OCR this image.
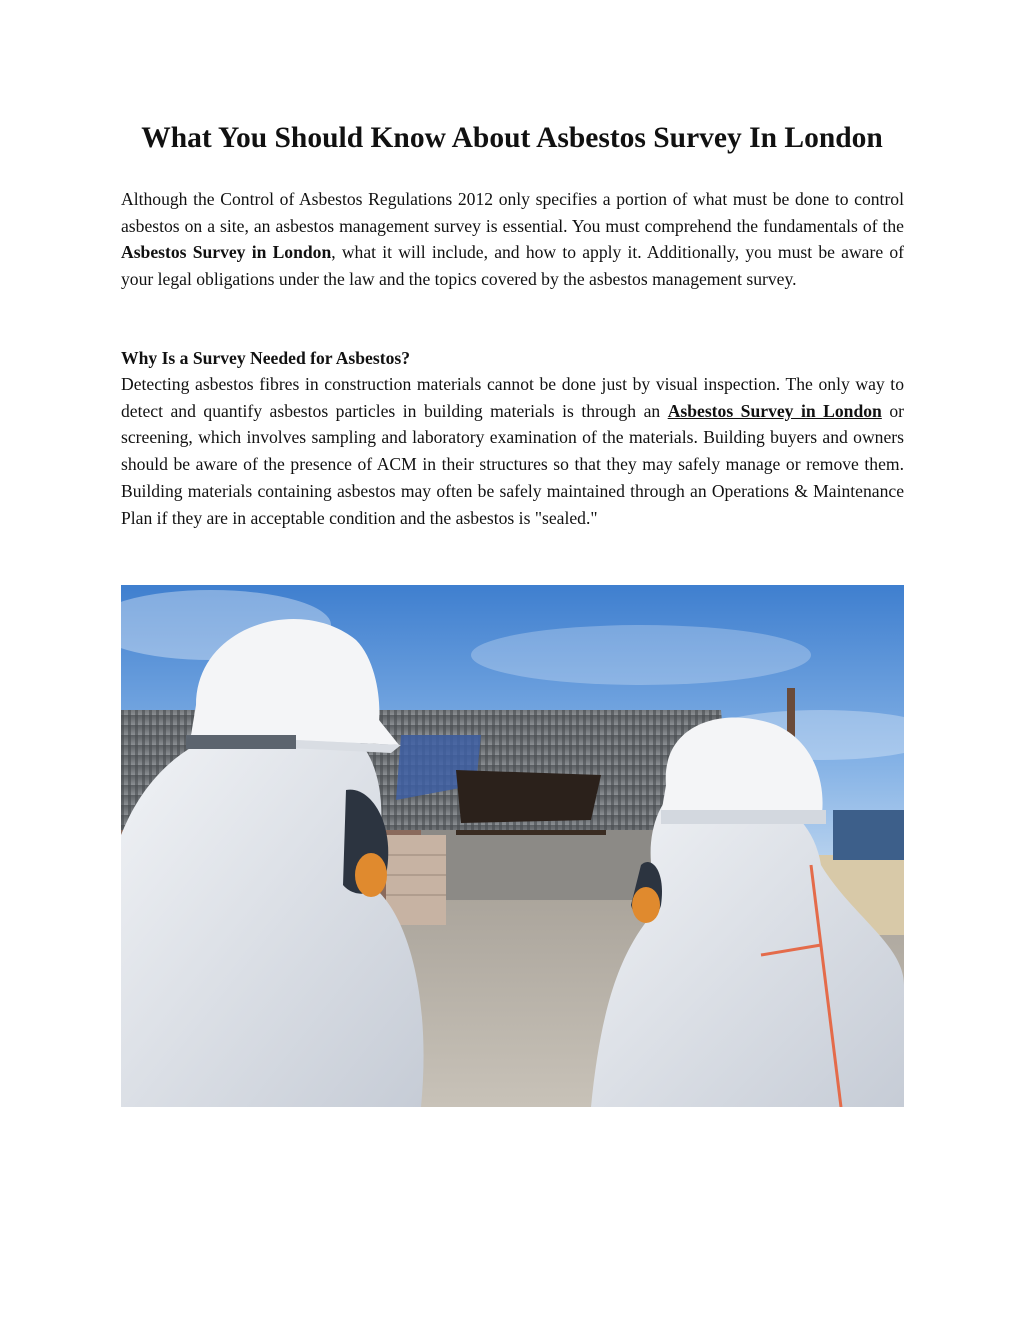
What You Should Know About Asbestos Survey In London

Although the Control of Asbestos Regulations 2012 only specifies a portion of what must be done to control asbestos on a site, an asbestos management survey is essential. You must comprehend the fundamentals of the Asbestos Survey in London, what it will include, and how to apply it. Additionally, you must be aware of your legal obligations under the law and the topics covered by the asbestos management survey.

Why Is a Survey Needed for Asbestos?

Detecting asbestos fibres in construction materials cannot be done just by visual inspection. The only way to detect and quantify asbestos particles in building materials is through an Asbestos Survey in London or screening, which involves sampling and laboratory examination of the materials. Building buyers and owners should be aware of the presence of ACM in their structures so that they may safely manage or remove them. Building materials containing asbestos may often be safely maintained through an Operations & Maintenance Plan if they are in acceptable condition and the asbestos is "sealed."
